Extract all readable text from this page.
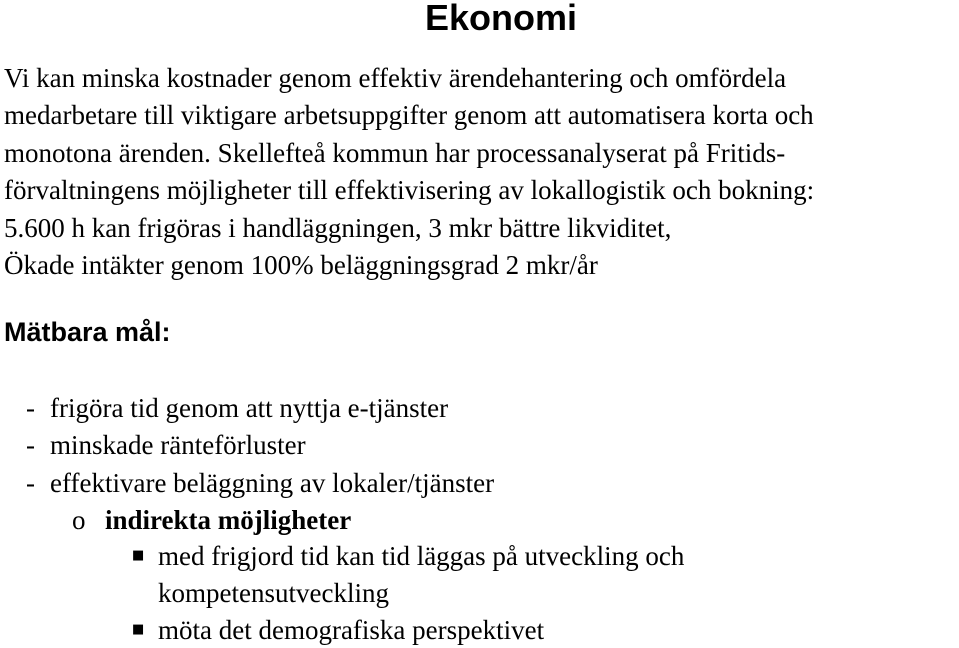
Ekonomi
Vi kan minska kostnader genom effektiv ärendehantering och omfördela
medarbetare till viktigare arbetsuppgifter genom att automatisera korta och
monotona ärenden. Skellefteå kommun har processanalyserat på Fritids-
förvaltningens möjligheter till effektivisering av lokallogistik och bokning:
5.600 h kan frigöras i handläggningen, 3 mkr bättre likviditet,
Ökade intäkter genom 100% beläggningsgrad 2 mkr/år
Mätbara mål:
- frigöra tid genom att nyttja e-tjänster
- minskade ränteförluster
- effektivare beläggning av lokaler/tjänster
o indirekta möjligheter
■ med frigjord tid kan tid läggas på utveckling och
kompetensutveckling
■ möta det demografiska perspektivet
